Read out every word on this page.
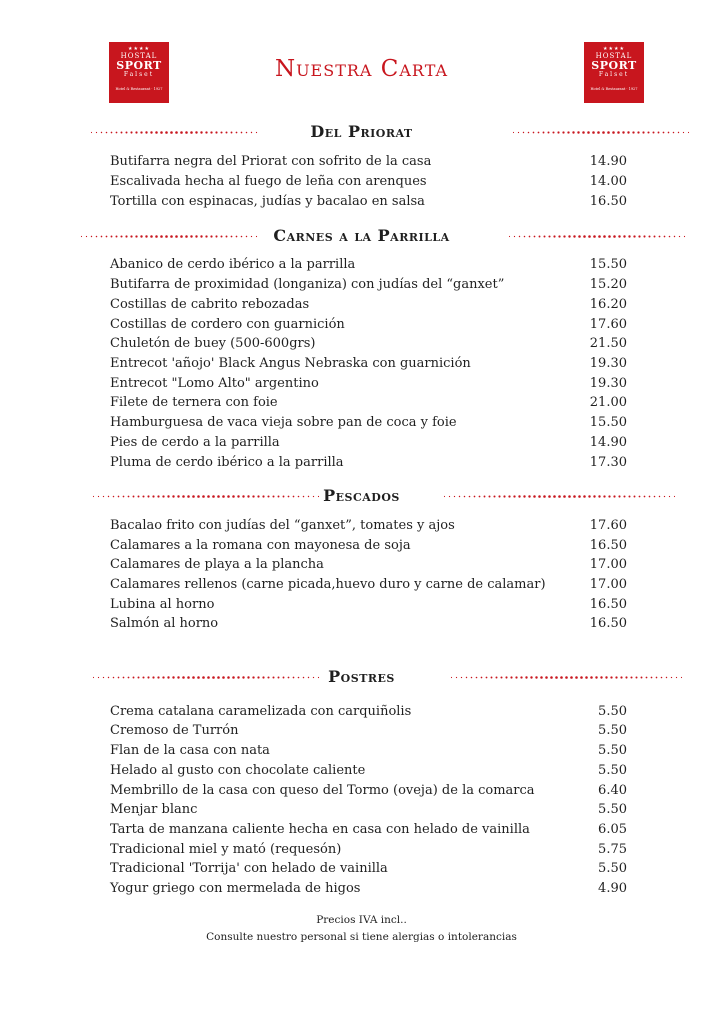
★★★★
HOSTAL
SPORT
Falset
Hotel & Restaurant · 1927
★★★★
HOSTAL
SPORT
Falset
Hotel & Restaurant · 1927
Nuestra Carta
Del Priorat
Butifarra negra del Priorat con sofrito de la casa	14.90
Escalivada hecha al fuego de leña con arenques	14.00
Tortilla con espinacas, judías y bacalao en salsa	16.50
Carnes a la Parrilla
Abanico de cerdo ibérico a la parrilla	15.50
Butifarra de proximidad (longaniza) con judías del “ganxet”	15.20
Costillas de cabrito rebozadas	16.20
Costillas de cordero con guarnición	17.60
Chuletón de buey (500-600grs)	21.50
Entrecot 'añojo' Black Angus Nebraska con guarnición	19.30
Entrecot "Lomo Alto" argentino	19.30
Filete de ternera con foie	21.00
Hamburguesa de vaca vieja sobre pan de coca y foie	15.50
Pies de cerdo a la parrilla	14.90
Pluma de cerdo ibérico a la parrilla	17.30
Pescados
Bacalao frito con judías del “ganxet”, tomates y ajos	17.60
Calamares a la romana con mayonesa de soja	16.50
Calamares de playa a la plancha	17.00
Calamares rellenos (carne picada,huevo duro y carne de calamar)	17.00
Lubina al horno	16.50
Salmón al horno	16.50
Postres
Crema catalana caramelizada con carquiñolis	5.50
Cremoso de Turrón	5.50
Flan de la casa con nata	5.50
Helado al gusto con chocolate caliente	5.50
Membrillo de la casa con queso del Tormo (oveja) de la comarca	6.40
Menjar blanc	5.50
Tarta de manzana caliente hecha en casa con helado de vainilla	6.05
Tradicional miel y mató (requesón)	5.75
Tradicional 'Torrija' con helado de vainilla	5.50
Yogur griego con mermelada de higos	4.90
Precios IVA incl..
Consulte nuestro personal si tiene alergias o intolerancias
